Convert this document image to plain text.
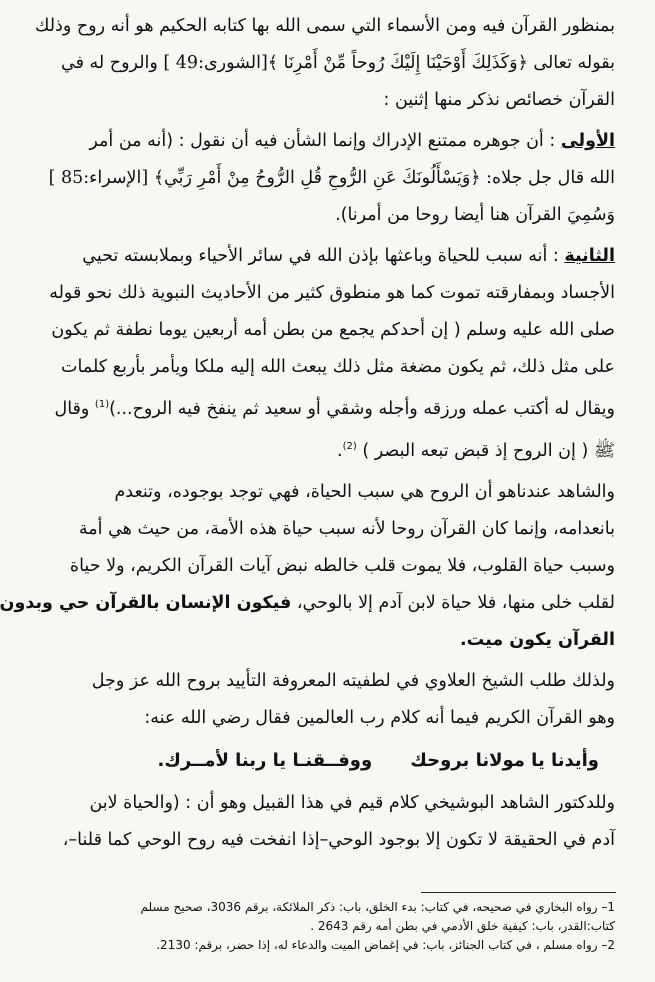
بمنظور القرآن فيه ومن الأسماء التي سمى الله بها كتابه الحكيم هو أنه روح وذلك
بقوله تعالى ﴿وَكَذَلِكَ أَوْحَيْنَا إِلَيْكَ رُوحاً مِّنْ أَمْرِنَا ﴾[الشورى:49 ] والروح له في
القرآن خصائص نذكر منها إثنين :
الأولى : أن جوهره ممتنع الإدراك وإنما الشأن فيه أن نقول : (أنه من أمر
الله قال جل جلاه: ﴿وَيَسْأَلُونَكَ عَنِ الرُّوحِ قُلِ الرُّوحُ مِنْ أَمْرِ رَبِّي﴾ [الإسراء:85 ]
وَسُمِيَ القرآن هنا أيضا روحا من أمرنا).
الثانية : أنه سبب للحياة وباعثها بإذن الله في سائر الأحياء وبملابسته تحيي
الأجساد وبمفارقته تموت كما هو منطوق كثير من الأحاديث النبوية ذلك نحو قوله
صلى الله عليه وسلم ( إن أحدكم يجمع من بطن أمه أربعين يوما نطفة ثم يكون
على مثل ذلك، ثم يكون مضغة مثل ذلك يبعث الله إليه ملكا ويأمر بأربع كلمات
ويقال له أكتب عمله ورزقه وأجله وشقي أو سعيد ثم ينفخ فيه الروح...)$^{(1)}$ وقال
ﷺ ( إن الروح إذ قبض تبعه البصر ) $^{(2)}$.
والشاهد عندناهو أن الروح هي سبب الحياة، فهي توجد بوجوده، وتنعدم
بانعدامه، وإنما كان القرآن روحا لأنه سبب حياة هذه الأمة، من حيث هي أمة
وسبب حياة القلوب، فلا يموت قلب خالطه نبض آيات القرآن الكريم، ولا حياة
لقلب خلى منها، فلا حياة لابن آدم إلا بالوحي، فيكون الإنسان بالقرآن حي وبدون
القرآن يكون ميت.
ولذلك طلب الشيخ العلاوي في لطفيته المعروفة التأييد بروح الله عز وجل
وهو القرآن الكريم فيما أنه كلام رب العالمين فقال رضي الله عنه:
وأيدنا يا مولانا بروحك ووفــقنـا يا ربنا لأمــرك.
وللدكتور الشاهد البوشيخي كلام قيم في هذا القبيل وهو أن : (والحياة لابن
آدم في الحقيقة لا تكون إلا بوجود الوحي–إذا انفخت فيه روح الوحي كما قلنا–،
1– رواه البخاري في صحيحه، في كتاب: بدء الخلق، باب: ذكر الملائكة، برقم 3036، صحيح مسلم
كتاب:القدر، باب: كيفية خلق الأدمي في بطن أمه رقم 2643 .
2– رواه مسلم ، في كتاب الجنائز، باب: في إغماض الميت والدعاء له، إذا حضر، برقم: 2130.
